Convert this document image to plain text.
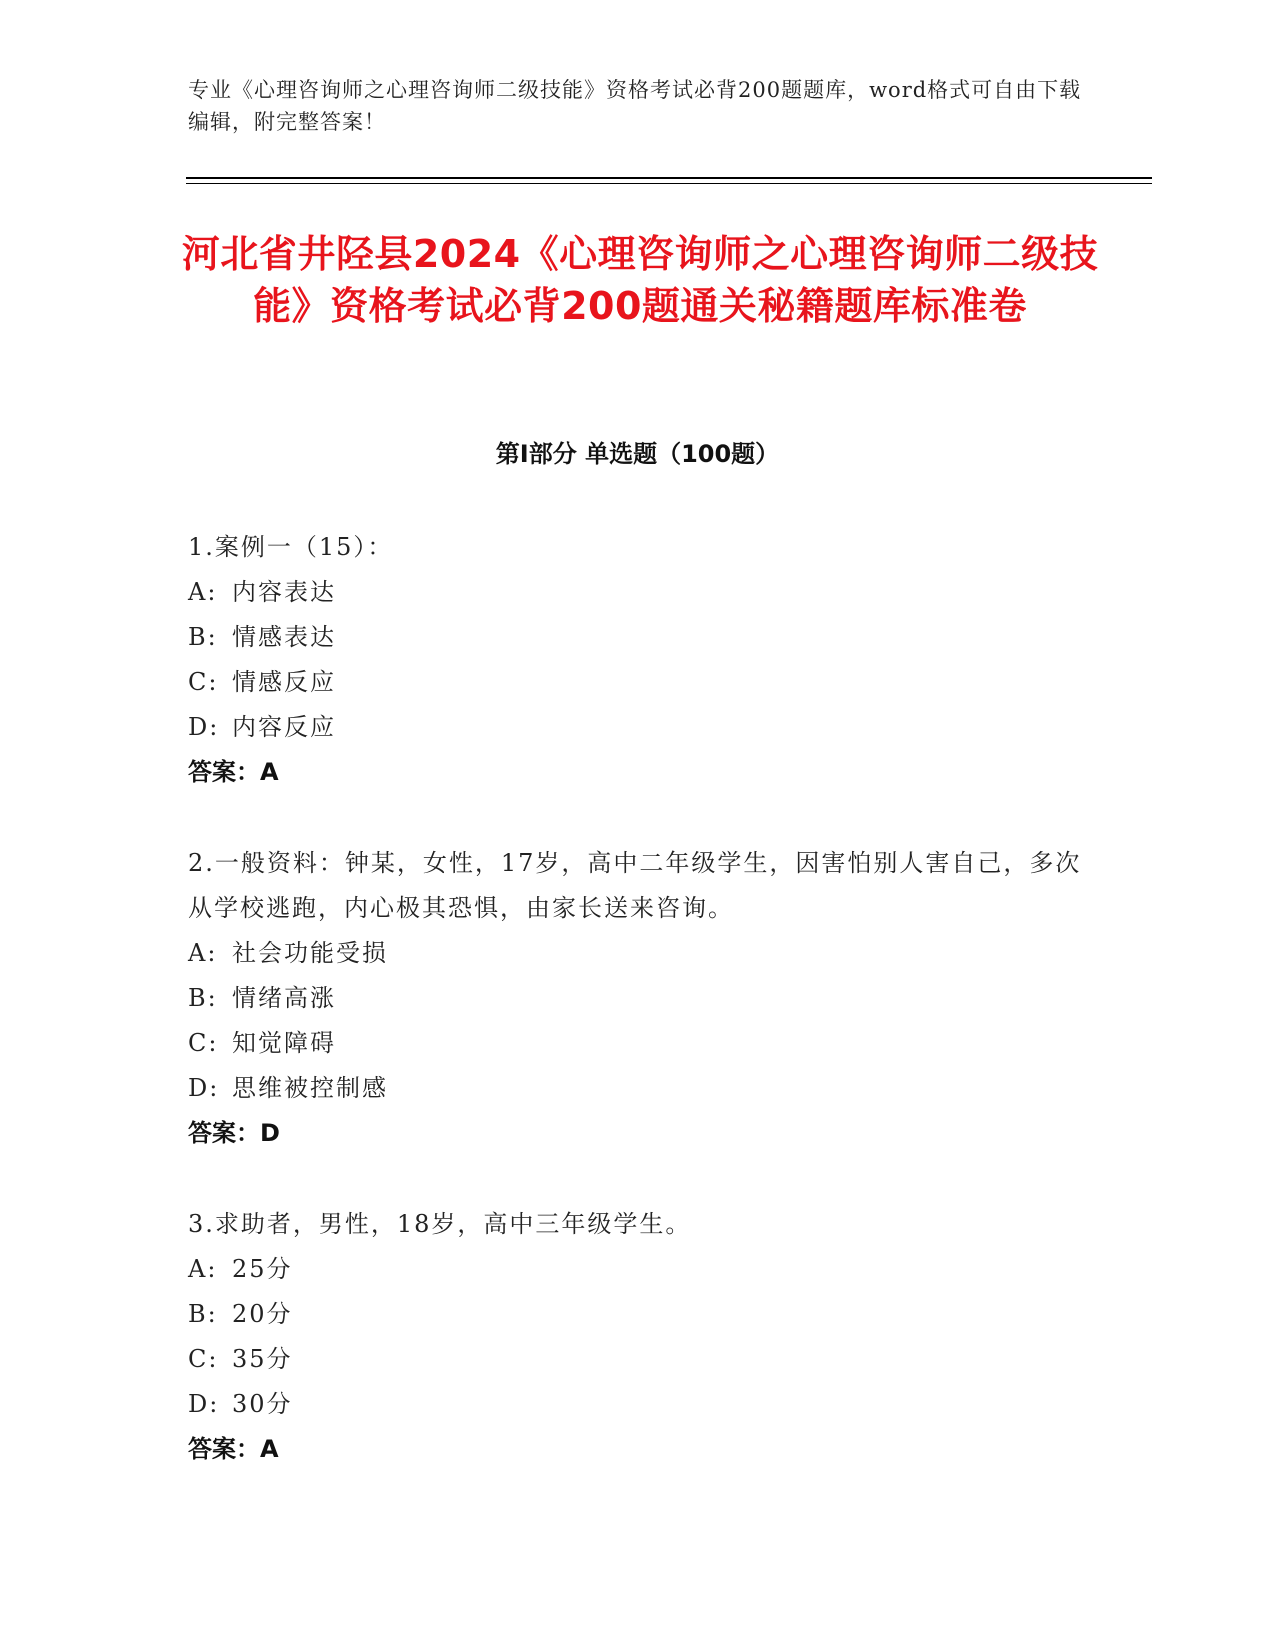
专业《心理咨询师之心理咨询师二级技能》资格考试必背200题题库，word格式可自由下载编辑，附完整答案！
河北省井陉县2024《心理咨询师之心理咨询师二级技能》资格考试必背200题通关秘籍题库标准卷
第I部分 单选题（100题）
1.案例一（15）：
A: 内容表达
B: 情感表达
C: 情感反应
D: 内容反应
答案：A
2.一般资料：钟某，女性，17岁，高中二年级学生，因害怕别人害自己，多次从学校逃跑，内心极其恐惧，由家长送来咨询。
A: 社会功能受损
B: 情绪高涨
C: 知觉障碍
D: 思维被控制感
答案：D
3.求助者，男性，18岁，高中三年级学生。
A: 25分
B: 20分
C: 35分
D: 30分
答案：A
